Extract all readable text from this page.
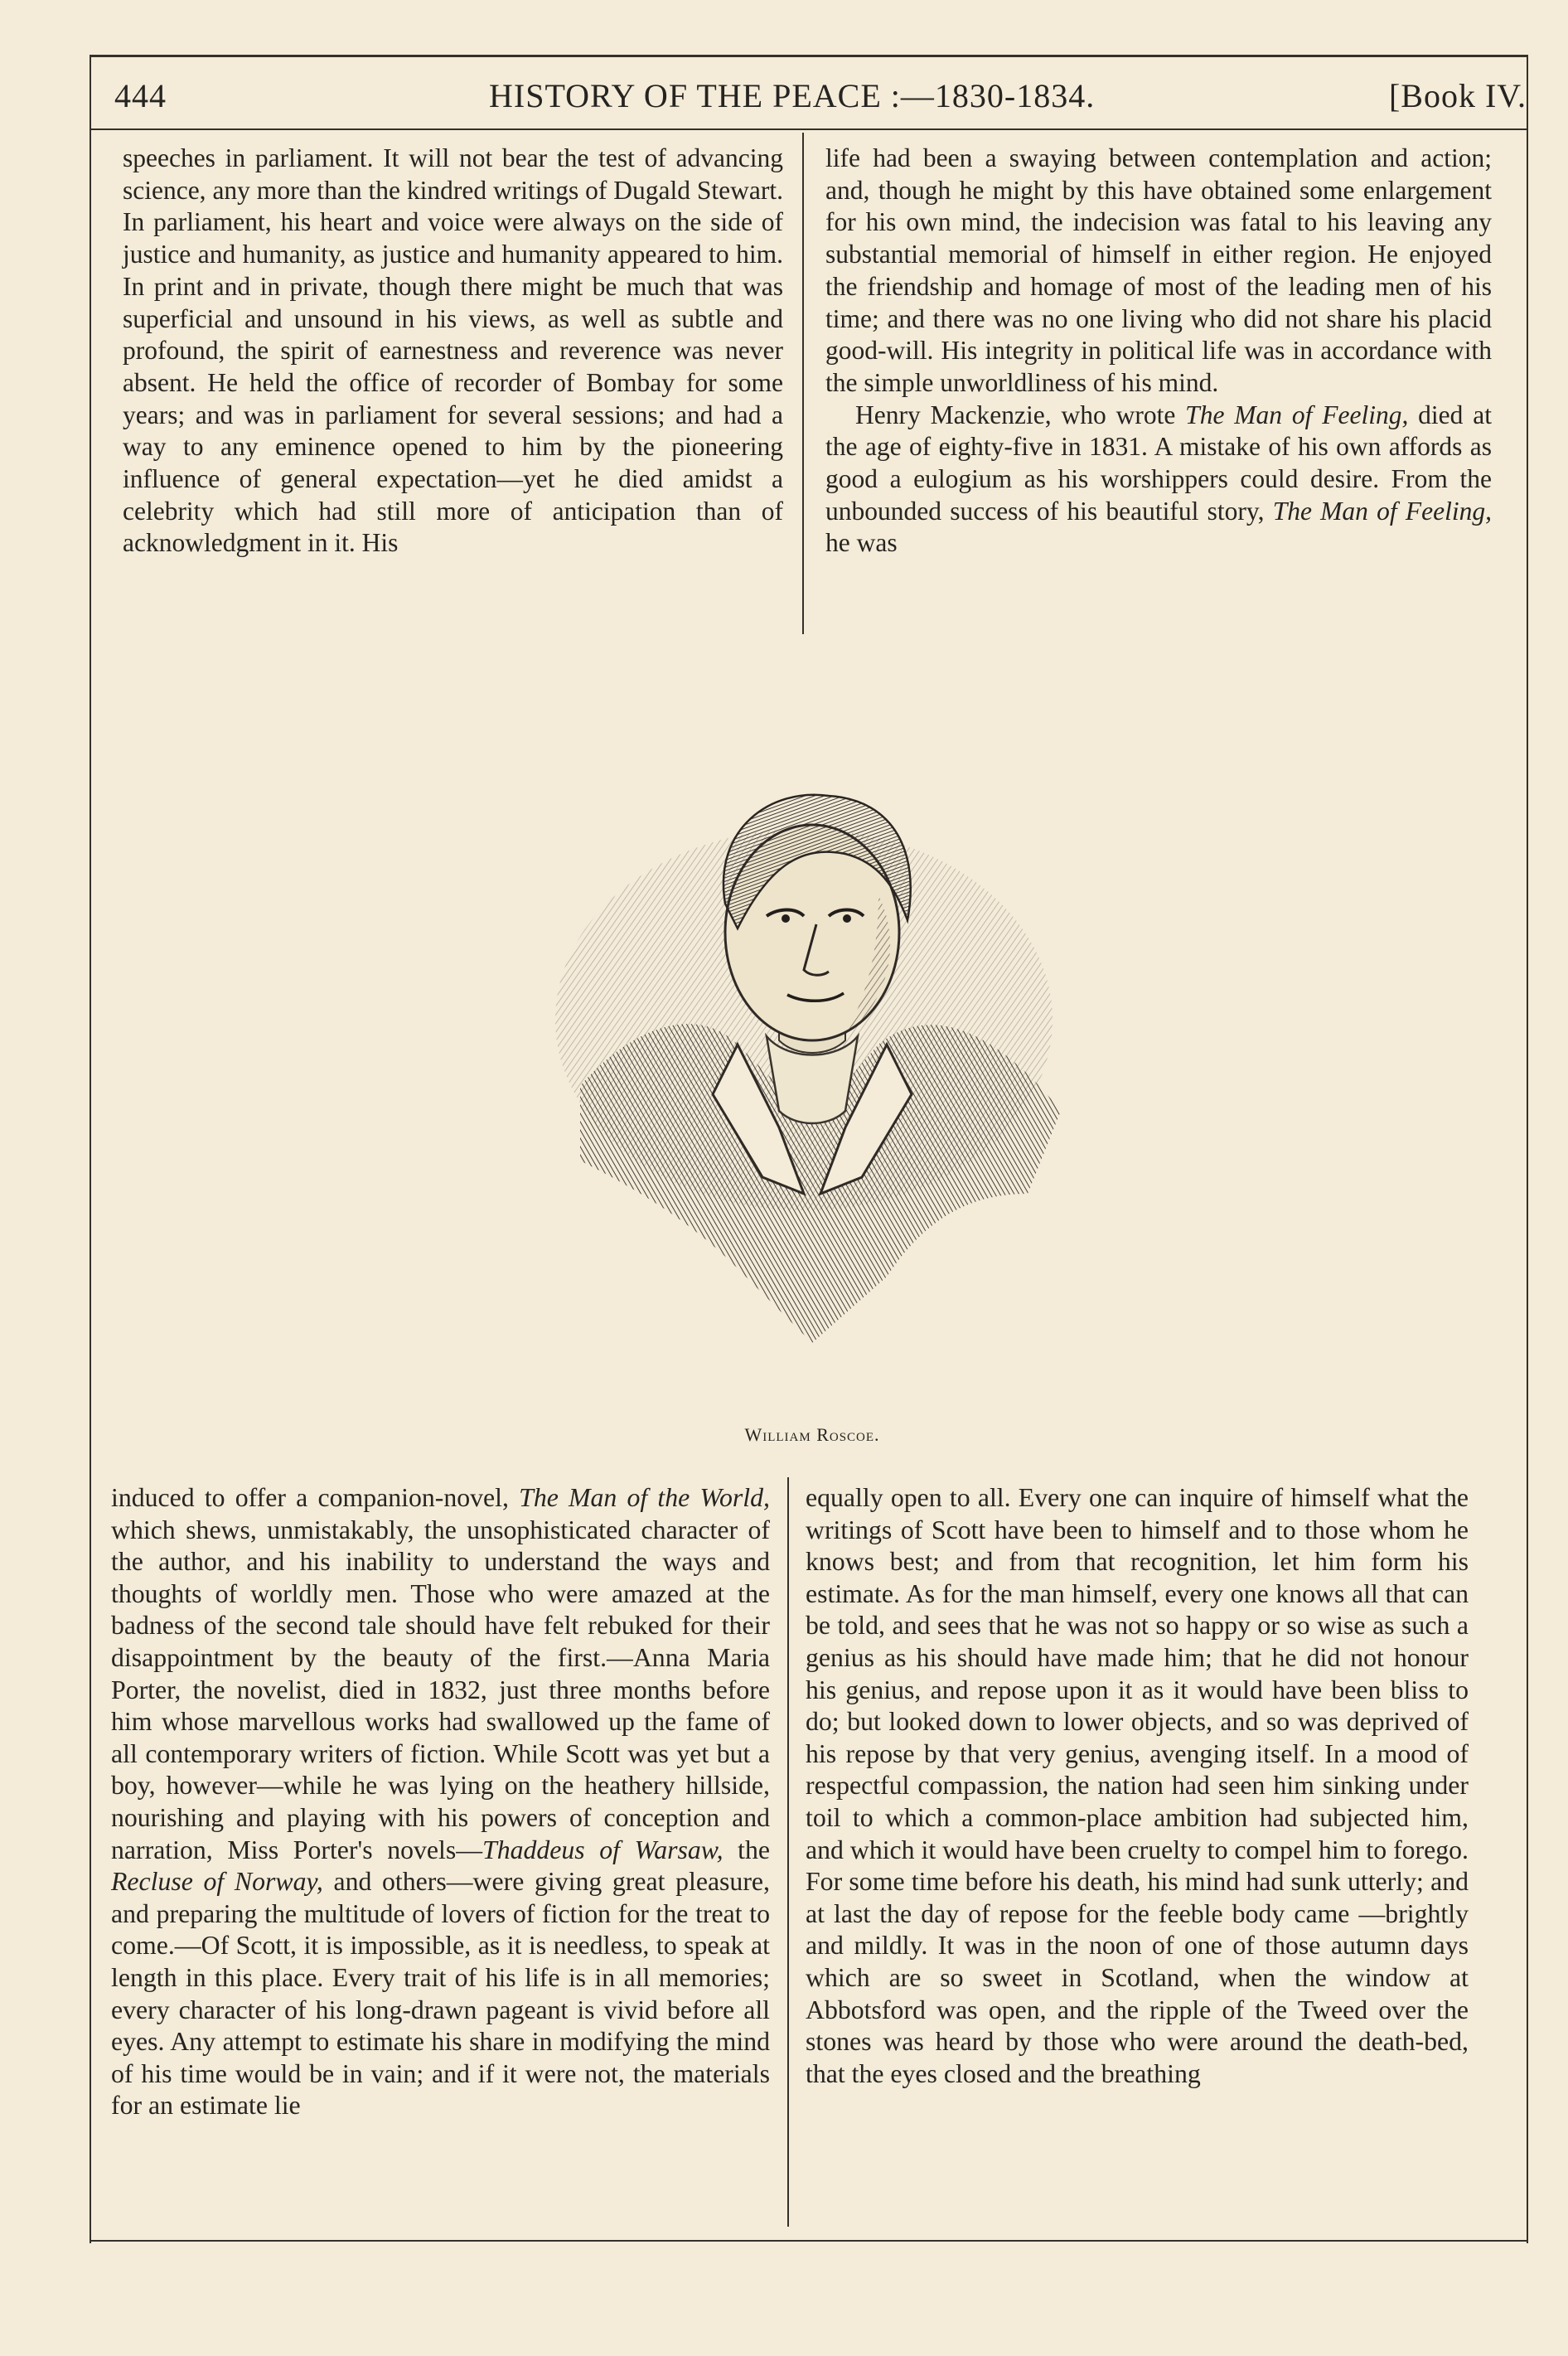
444	HISTORY OF THE PEACE :—1830-1834.	[Book IV.

speeches in parliament. It will not bear the test of advancing science, any more than the kindred writings of Dugald Stewart. In parliament, his heart and voice were always on the side of justice and humanity, as justice and humanity appeared to him. In print and in private, though there might be much that was superficial and unsound in his views, as well as subtle and profound, the spirit of earnestness and reverence was never absent. He held the office of recorder of Bombay for some years; and was in parliament for several sessions; and had a way to any eminence opened to him by the pioneering influence of general expectation—yet he died amidst a celebrity which had still more of anticipation than of acknowledgment in it. His

life had been a swaying between contemplation and action; and, though he might by this have obtained some enlargement for his own mind, the indecision was fatal to his leaving any substantial memorial of himself in either region. He enjoyed the friendship and homage of most of the leading men of his time; and there was no one living who did not share his placid good-will. His integrity in political life was in accordance with the simple unworldliness of his mind.

Henry Mackenzie, who wrote The Man of Feeling, died at the age of eighty-five in 1831. A mistake of his own affords as good a eulogium as his worshippers could desire. From the unbounded success of his beautiful story, The Man of Feeling, he was

William Roscoe.

induced to offer a companion-novel, The Man of the World, which shews, unmistakably, the unsophisticated character of the author, and his inability to understand the ways and thoughts of worldly men. Those who were amazed at the badness of the second tale should have felt rebuked for their disappointment by the beauty of the first.—Anna Maria Porter, the novelist, died in 1832, just three months before him whose marvellous works had swallowed up the fame of all contemporary writers of fiction. While Scott was yet but a boy, however—while he was lying on the heathery hillside, nourishing and playing with his powers of conception and narration, Miss Porter's novels—Thaddeus of Warsaw, the Recluse of Norway, and others—were giving great pleasure, and preparing the multitude of lovers of fiction for the treat to come.—Of Scott, it is impossible, as it is needless, to speak at length in this place. Every trait of his life is in all memories; every character of his long-drawn pageant is vivid before all eyes. Any attempt to estimate his share in modifying the mind of his time would be in vain; and if it were not, the materials for an estimate lie

equally open to all. Every one can inquire of himself what the writings of Scott have been to himself and to those whom he knows best; and from that recognition, let him form his estimate. As for the man himself, every one knows all that can be told, and sees that he was not so happy or so wise as such a genius as his should have made him; that he did not honour his genius, and repose upon it as it would have been bliss to do; but looked down to lower objects, and so was deprived of his repose by that very genius, avenging itself. In a mood of respectful compassion, the nation had seen him sinking under toil to which a common-place ambition had subjected him, and which it would have been cruelty to compel him to forego. For some time before his death, his mind had sunk utterly; and at last the day of repose for the feeble body came —brightly and mildly. It was in the noon of one of those autumn days which are so sweet in Scotland, when the window at Abbotsford was open, and the ripple of the Tweed over the stones was heard by those who were around the death-bed, that the eyes closed and the breathing
